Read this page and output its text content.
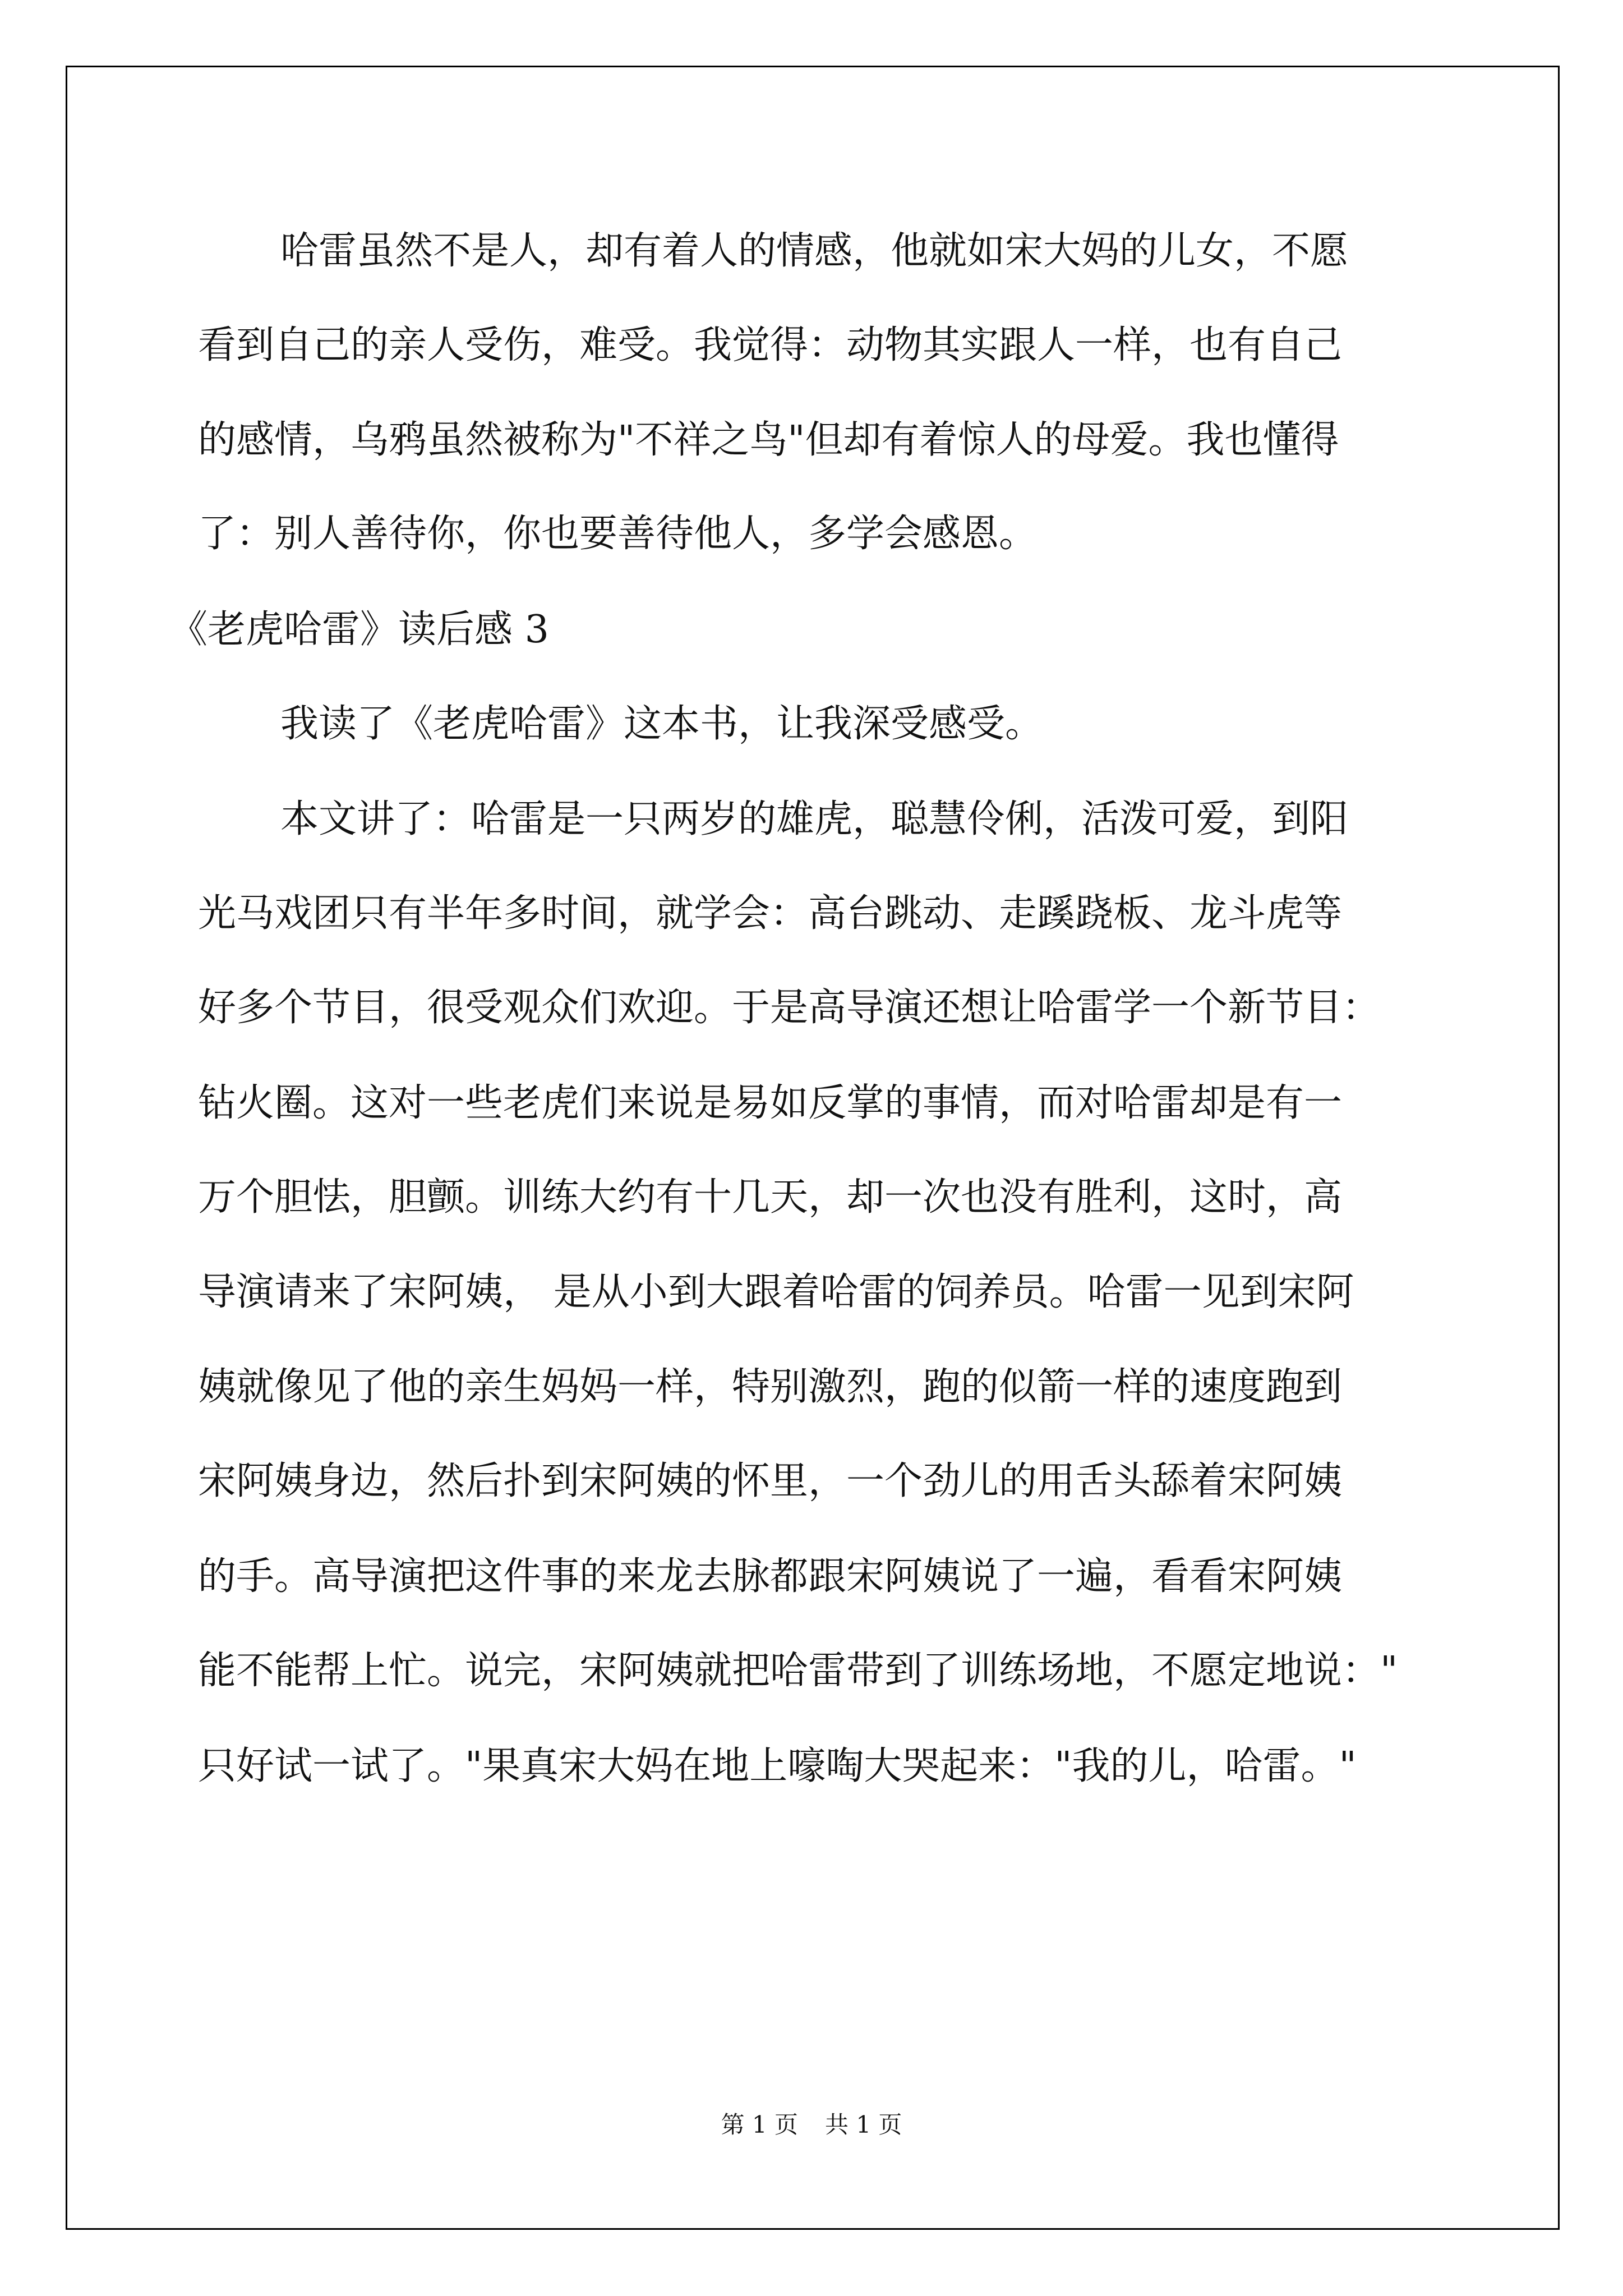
哈雷虽然不是人，却有着人的情感，他就如宋大妈的儿女，不愿

看到自己的亲人受伤，难受。我觉得：动物其实跟人一样，也有自己

的感情，乌鸦虽然被称为"不祥之鸟"但却有着惊人的母爱。我也懂得

了：别人善待你，你也要善待他人，多学会感恩。

《老虎哈雷》读后感 3

我读了《老虎哈雷》这本书，让我深受感受。

本文讲了：哈雷是一只两岁的雄虎，聪慧伶俐，活泼可爱，到阳

光马戏团只有半年多时间，就学会：高台跳动、走蹊跷板、龙斗虎等

好多个节目，很受观众们欢迎。于是高导演还想让哈雷学一个新节目：

钻火圈。这对一些老虎们来说是易如反掌的事情，而对哈雷却是有一

万个胆怯，胆颤。训练大约有十几天，却一次也没有胜利，这时，高

导演请来了宋阿姨， 是从小到大跟着哈雷的饲养员。哈雷一见到宋阿

姨就像见了他的亲生妈妈一样，特别激烈，跑的似箭一样的速度跑到

宋阿姨身边，然后扑到宋阿姨的怀里，一个劲儿的用舌头舔着宋阿姨

的手。高导演把这件事的来龙去脉都跟宋阿姨说了一遍，看看宋阿姨

能不能帮上忙。说完，宋阿姨就把哈雷带到了训练场地，不愿定地说："

只好试一试了。"果真宋大妈在地上嚎啕大哭起来："我的儿，哈雷。"

第 1 页 共 1 页
